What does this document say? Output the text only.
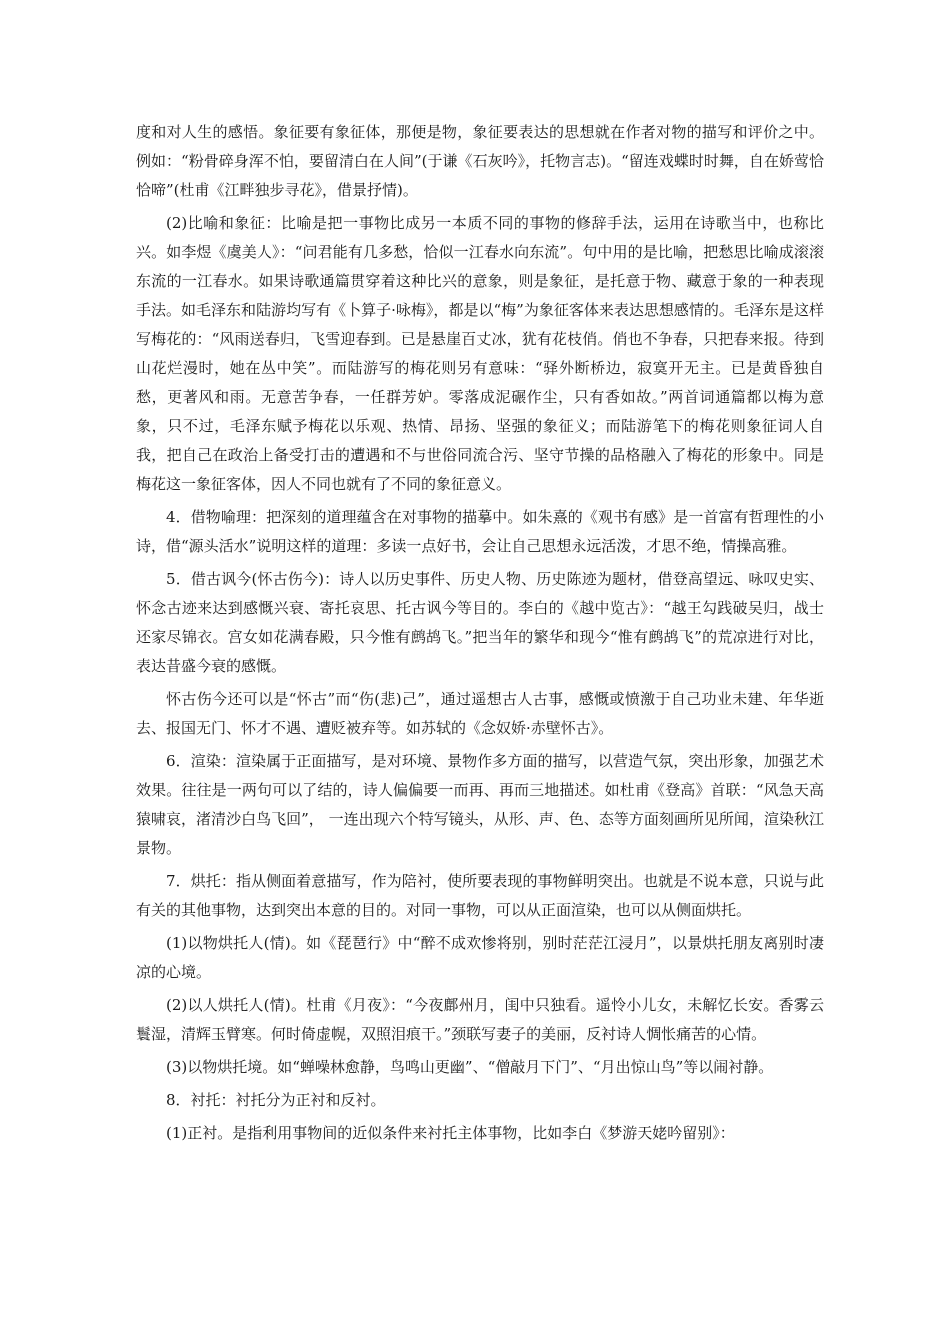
度和对人生的感悟。象征要有象征体，那便是物，象征要表达的思想就在作者对物的描写和评价之中。例如：“粉骨碎身浑不怕，要留清白在人间”(于谦《石灰吟》，托物言志)。“留连戏蝶时时舞，自在娇莺恰恰啼”(杜甫《江畔独步寻花》，借景抒情)。

(2)比喻和象征：比喻是把一事物比成另一本质不同的事物的修辞手法，运用在诗歌当中，也称比兴。如李煜《虞美人》：“问君能有几多愁，恰似一江春水向东流”。句中用的是比喻，把愁思比喻成滚滚东流的一江春水。如果诗歌通篇贯穿着这种比兴的意象，则是象征，是托意于物、藏意于象的一种表现手法。如毛泽东和陆游均写有《卜算子·咏梅》，都是以“梅”为象征客体来表达思想感情的。毛泽东是这样写梅花的：“风雨送春归，飞雪迎春到。已是悬崖百丈冰，犹有花枝俏。俏也不争春，只把春来报。待到山花烂漫时，她在丛中笑”。而陆游写的梅花则另有意味：“驿外断桥边，寂寞开无主。已是黄昏独自愁，更著风和雨。无意苦争春，一任群芳妒。零落成泥碾作尘，只有香如故。”两首词通篇都以梅为意象，只不过，毛泽东赋予梅花以乐观、热情、昂扬、坚强的象征义；而陆游笔下的梅花则象征词人自我，把自己在政治上备受打击的遭遇和不与世俗同流合污、坚守节操的品格融入了梅花的形象中。同是梅花这一象征客体，因人不同也就有了不同的象征意义。

4．借物喻理：把深刻的道理蕴含在对事物的描摹中。如朱熹的《观书有感》是一首富有哲理性的小诗，借“源头活水”说明这样的道理：多读一点好书，会让自己思想永远活泼，才思不绝，情操高雅。

5．借古讽今(怀古伤今)：诗人以历史事件、历史人物、历史陈迹为题材，借登高望远、咏叹史实、怀念古迹来达到感慨兴衰、寄托哀思、托古讽今等目的。李白的《越中览古》：“越王勾践破吴归，战士还家尽锦衣。宫女如花满春殿，只今惟有鹧鸪飞。”把当年的繁华和现今“惟有鹧鸪飞”的荒凉进行对比，表达昔盛今衰的感慨。

怀古伤今还可以是“怀古”而“伤(悲)己”，通过遥想古人古事，感慨或愤激于自己功业未建、年华逝去、报国无门、怀才不遇、遭贬被弃等。如苏轼的《念奴娇·赤壁怀古》。

6．渲染：渲染属于正面描写，是对环境、景物作多方面的描写，以营造气氛，突出形象，加强艺术效果。往往是一两句可以了结的，诗人偏偏要一而再、再而三地描述。如杜甫《登高》首联：“风急天高猿啸哀，渚清沙白鸟飞回”， 一连出现六个特写镜头，从形、声、色、态等方面刻画所见所闻，渲染秋江景物。

7．烘托：指从侧面着意描写，作为陪衬，使所要表现的事物鲜明突出。也就是不说本意，只说与此有关的其他事物，达到突出本意的目的。对同一事物，可以从正面渲染，也可以从侧面烘托。

(1)以物烘托人(情)。如《琵琶行》中“醉不成欢惨将别，别时茫茫江浸月”，以景烘托朋友离别时凄凉的心境。

(2)以人烘托人(情)。杜甫《月夜》：“今夜鄜州月，闺中只独看。遥怜小儿女，未解忆长安。香雾云鬟湿，清辉玉臂寒。何时倚虚幌，双照泪痕干。”颈联写妻子的美丽，反衬诗人惆怅痛苦的心情。

(3)以物烘托境。如“蝉噪林愈静，鸟鸣山更幽”、“僧敲月下门”、“月出惊山鸟”等以闹衬静。

8．衬托：衬托分为正衬和反衬。

(1)正衬。是指利用事物间的近似条件来衬托主体事物，比如李白《梦游天姥吟留别》：
